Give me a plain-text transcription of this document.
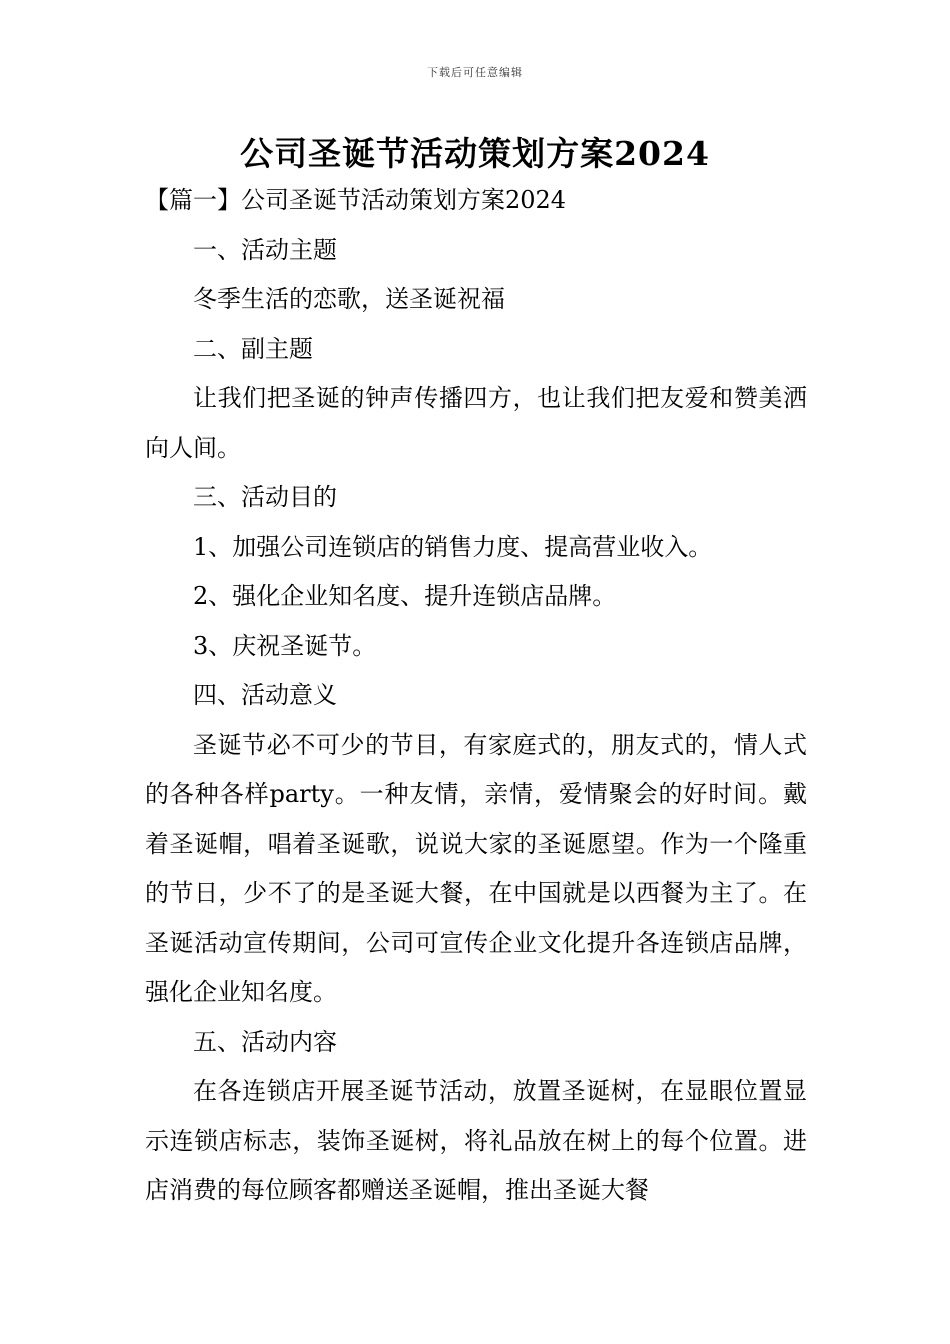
下载后可任意编辑
公司圣诞节活动策划方案2024

【篇一】公司圣诞节活动策划方案2024

一、活动主题

冬季生活的恋歌，送圣诞祝福

二、副主题

让我们把圣诞的钟声传播四方，也让我们把友爱和赞美洒向人间。

三、活动目的

1、加强公司连锁店的销售力度、提高营业收入。

2、强化企业知名度、提升连锁店品牌。

3、庆祝圣诞节。

四、活动意义

圣诞节必不可少的节目，有家庭式的，朋友式的，情人式的各种各样party。一种友情，亲情，爱情聚会的好时间。戴着圣诞帽，唱着圣诞歌，说说大家的圣诞愿望。作为一个隆重的节日，少不了的是圣诞大餐，在中国就是以西餐为主了。在圣诞活动宣传期间，公司可宣传企业文化提升各连锁店品牌，强化企业知名度。

五、活动内容

在各连锁店开展圣诞节活动，放置圣诞树，在显眼位置显示连锁店标志，装饰圣诞树，将礼品放在树上的每个位置。进店消费的每位顾客都赠送圣诞帽，推出圣诞大餐
